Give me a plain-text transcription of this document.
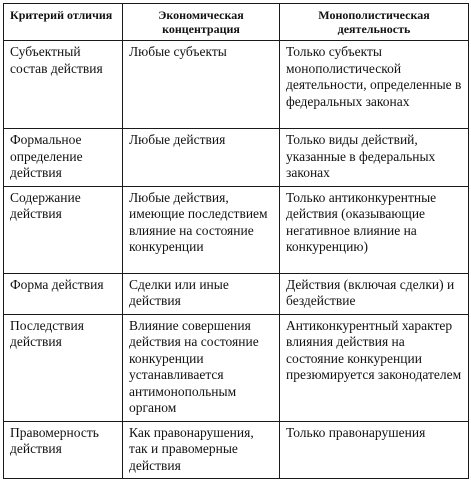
Критерий отличия	Экономическая концентрация	Монополистическая деятельность
Субъектный состав действия	Любые субъекты	Только субъекты монополистической деятельности, определенные в федеральных законах
Формальное определение действия	Любые действия	Только виды действий, указанные в федеральных законах
Содержание действия	Любые действия, имеющие последствием влияние на состояние конкуренции	Только антиконкурентные действия (оказывающие негативное влияние на конкуренцию)
Форма действия	Сделки или иные действия	Действия (включая сделки) и бездействие
Последствия действия	Влияние совершения действия на состояние конкуренции устанавливается антимонопольным органом	Антиконкурентный характер влияния действия на состояние конкуренции презюмируется законодателем
Правомерность действия	Как правонарушения, так и правомерные действия	Только правонарушения
